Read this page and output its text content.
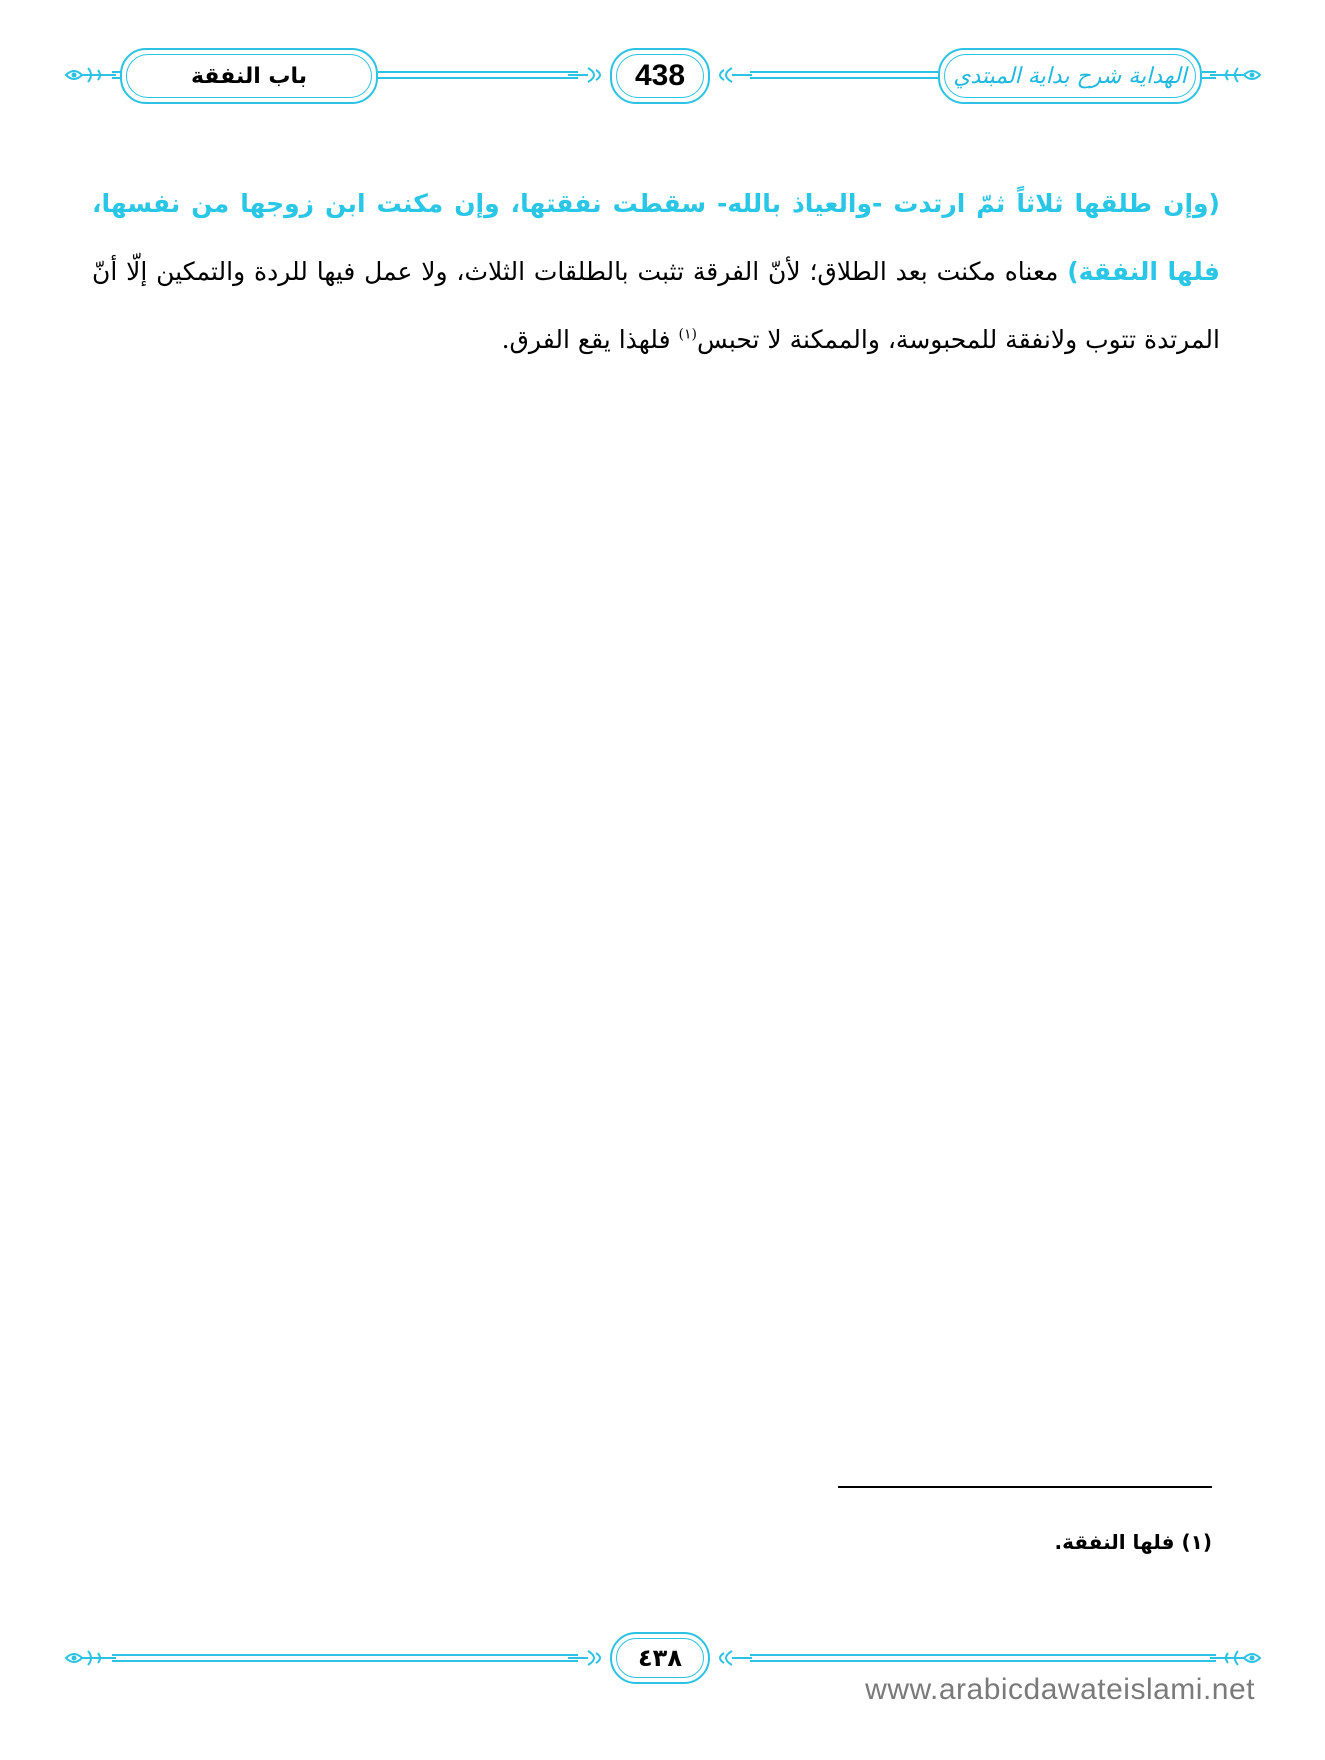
باب النفقة	438	الهداية شرح بداية المبتدي
(وإن طلقها ثلاثاً ثمّ ارتدت -والعياذ بالله- سقطت نفقتها، وإن مكنت ابن زوجها من نفسها، فلها النفقة) معناه مكنت بعد الطلاق؛ لأنّ الفرقة تثبت بالطلقات الثلاث، ولا عمل فيها للردة والتمكين إلّا أنّ المرتدة تتوب ولانفقة للمحبوسة، والممكنة لا تحبس$^{(١)}$ فلهذا يقع الفرق.
(١) فلها النفقة.
٤٣٨
www.arabicdawateislami.net
